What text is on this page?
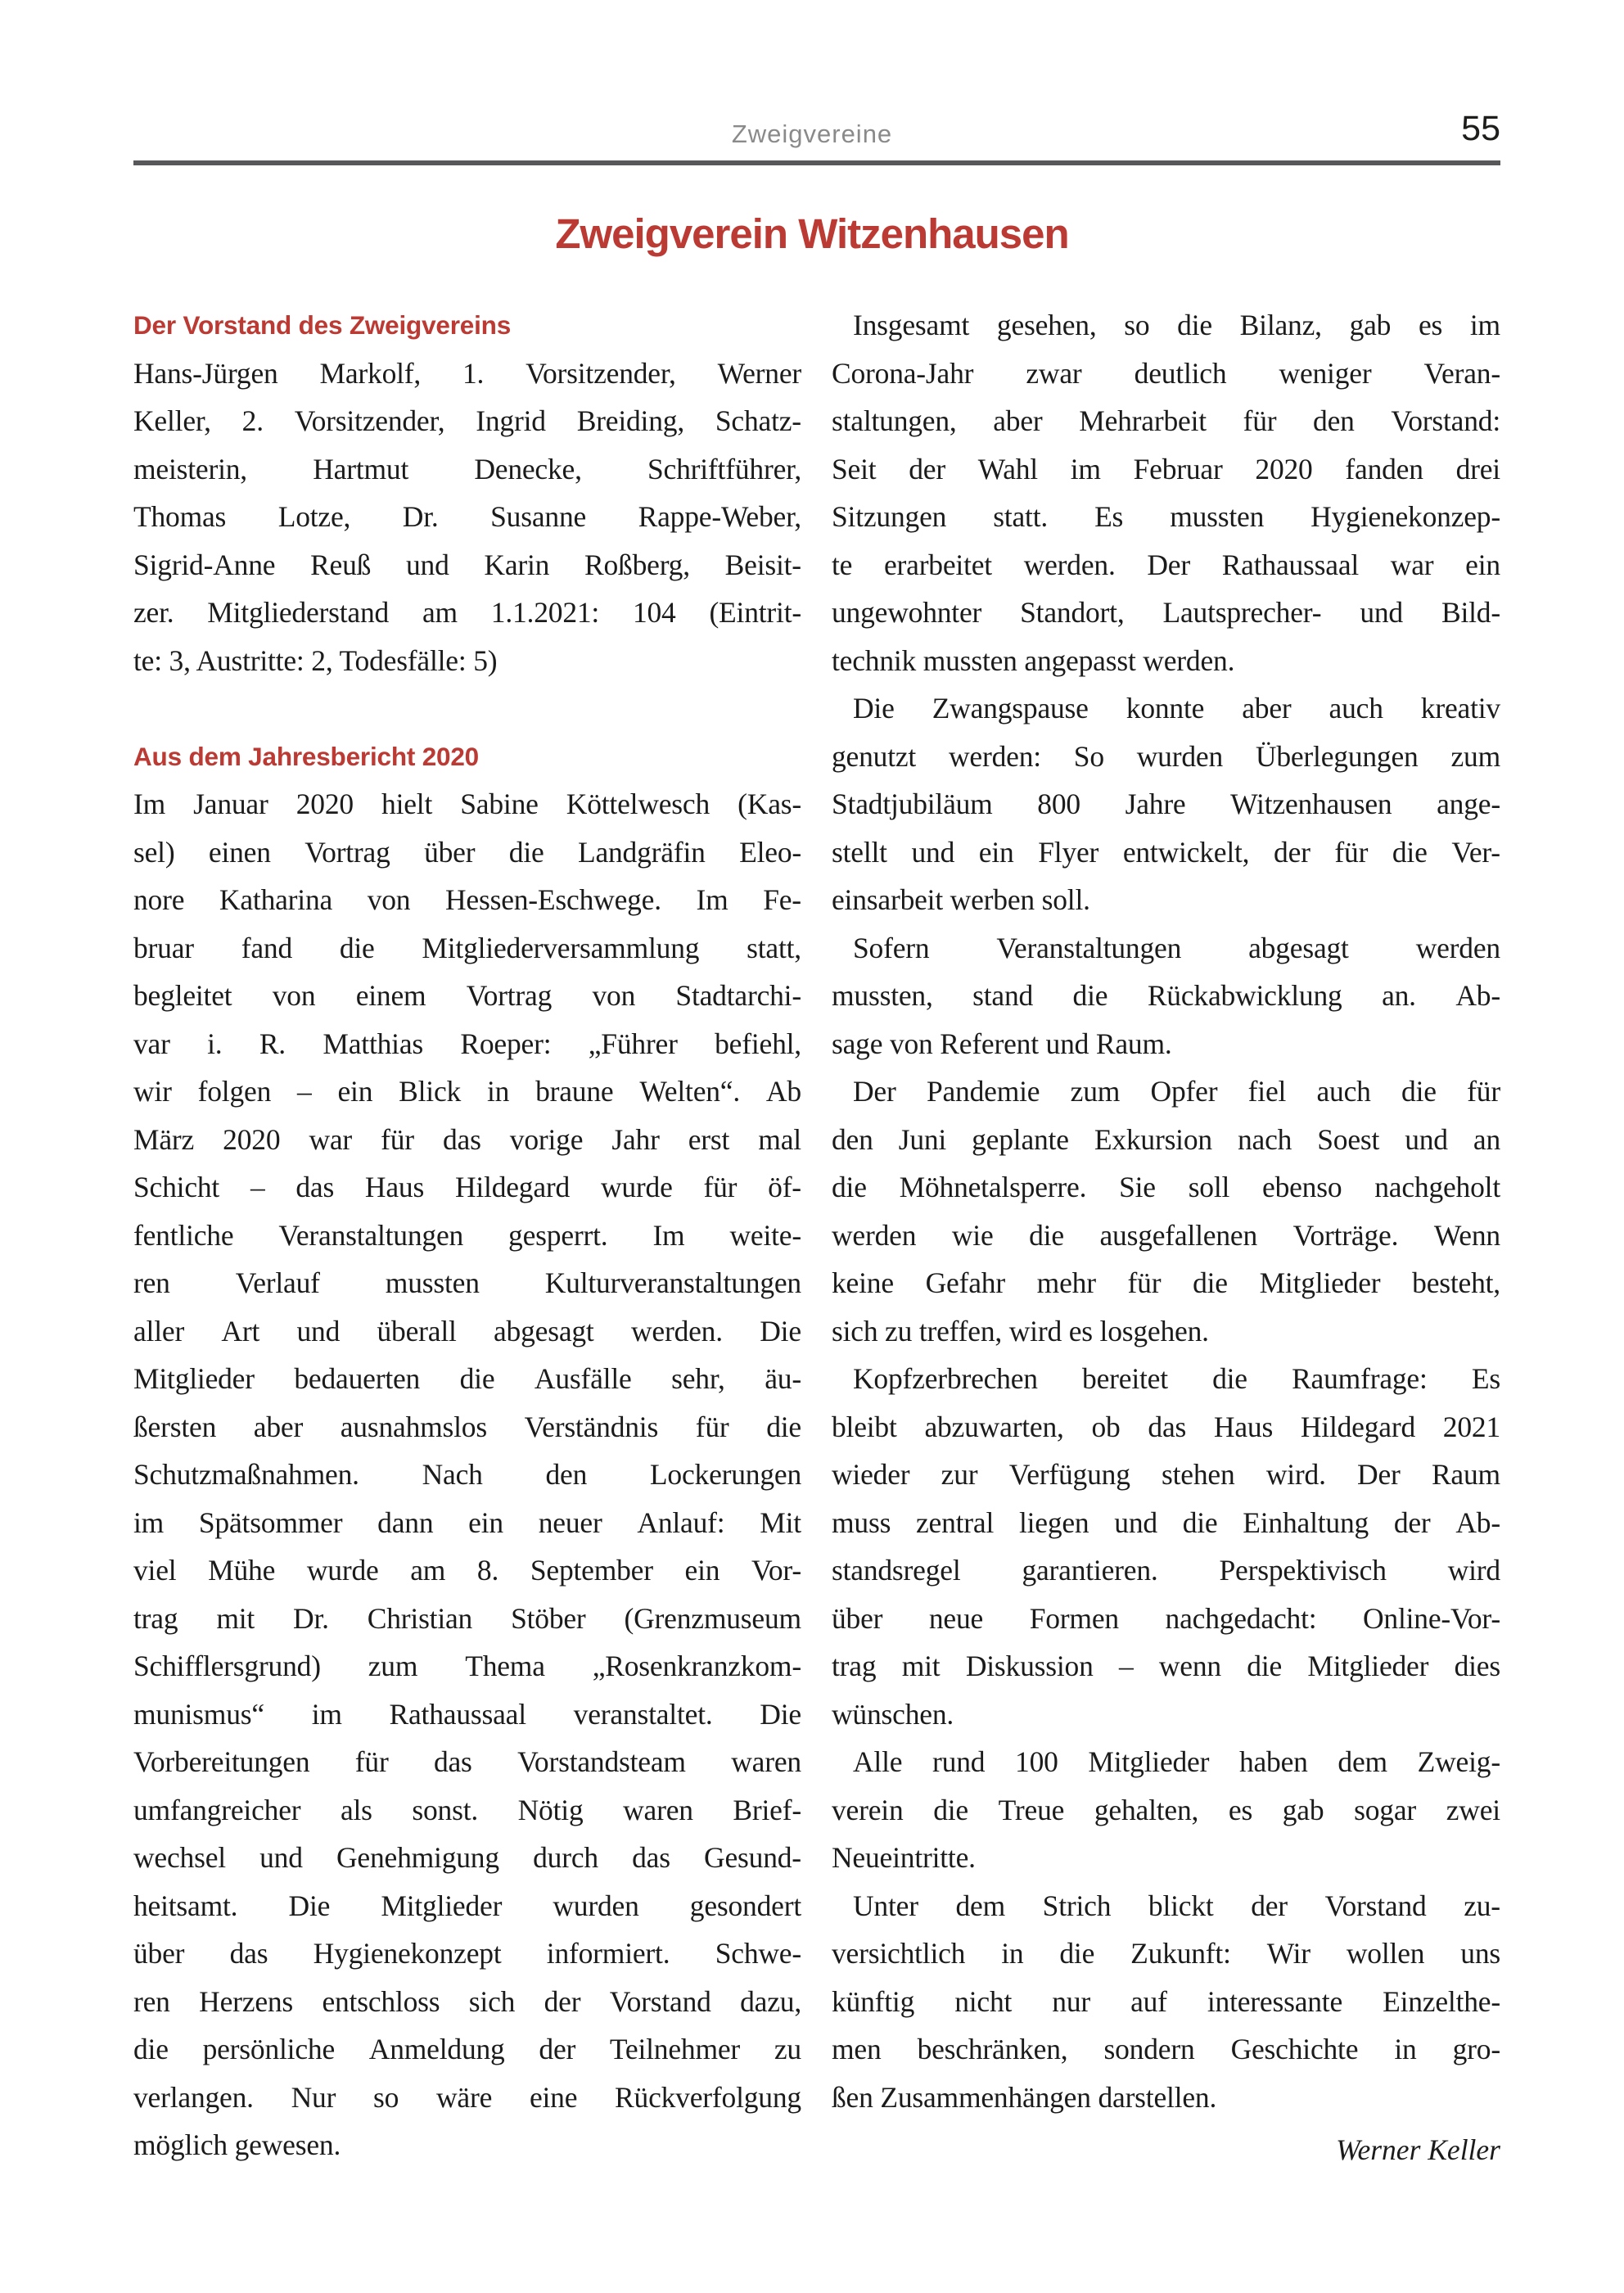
Zweigvereine	55
Zweigverein Witzenhausen
Der Vorstand des Zweigvereins
Hans-Jürgen Markolf, 1. Vorsitzender, Werner
Keller, 2. Vorsitzender, Ingrid Breiding, Schatz-
meisterin, Hartmut Denecke, Schriftführer,
Thomas Lotze, Dr. Susanne Rappe-Weber,
Sigrid-Anne Reuß und Karin Roßberg, Beisit-
zer. Mitgliederstand am 1.1.2021: 104 (Eintrit-
te: 3, Austritte: 2, Todesfälle: 5)
Aus dem Jahresbericht 2020
Im Januar 2020 hielt Sabine Köttelwesch (Kas-
sel) einen Vortrag über die Landgräfin Eleo-
nore Katharina von Hessen-Eschwege. Im Fe-
bruar fand die Mitgliederversammlung statt,
begleitet von einem Vortrag von Stadtarchi-
var i. R. Matthias Roeper: „Führer befiehl,
wir folgen – ein Blick in braune Welten“. Ab
März 2020 war für das vorige Jahr erst mal
Schicht – das Haus Hildegard wurde für öf-
fentliche Veranstaltungen gesperrt. Im weite-
ren Verlauf mussten Kulturveranstaltungen
aller Art und überall abgesagt werden. Die
Mitglieder bedauerten die Ausfälle sehr, äu-
ßersten aber ausnahmslos Verständnis für die
Schutzmaßnahmen. Nach den Lockerungen
im Spätsommer dann ein neuer Anlauf: Mit
viel Mühe wurde am 8. September ein Vor-
trag mit Dr. Christian Stöber (Grenzmuseum
Schifflersgrund) zum Thema „Rosenkranzkom-
munismus“ im Rathaussaal veranstaltet. Die
Vorbereitungen für das Vorstandsteam waren
umfangreicher als sonst. Nötig waren Brief-
wechsel und Genehmigung durch das Gesund-
heitsamt. Die Mitglieder wurden gesondert
über das Hygienekonzept informiert. Schwe-
ren Herzens entschloss sich der Vorstand dazu,
die persönliche Anmeldung der Teilnehmer zu
verlangen. Nur so wäre eine Rückverfolgung
möglich gewesen.
Insgesamt gesehen, so die Bilanz, gab es im
Corona-Jahr zwar deutlich weniger Veran-
staltungen, aber Mehrarbeit für den Vorstand:
Seit der Wahl im Februar 2020 fanden drei
Sitzungen statt. Es mussten Hygienekonzep-
te erarbeitet werden. Der Rathaussaal war ein
ungewohnter Standort, Lautsprecher- und Bild-
technik mussten angepasst werden.
Die Zwangspause konnte aber auch kreativ
genutzt werden: So wurden Überlegungen zum
Stadtjubiläum 800 Jahre Witzenhausen ange-
stellt und ein Flyer entwickelt, der für die Ver-
einsarbeit werben soll.
Sofern Veranstaltungen abgesagt werden
mussten, stand die Rückabwicklung an. Ab-
sage von Referent und Raum.
Der Pandemie zum Opfer fiel auch die für
den Juni geplante Exkursion nach Soest und an
die Möhnetalsperre. Sie soll ebenso nachgeholt
werden wie die ausgefallenen Vorträge. Wenn
keine Gefahr mehr für die Mitglieder besteht,
sich zu treffen, wird es losgehen.
Kopfzerbrechen bereitet die Raumfrage: Es
bleibt abzuwarten, ob das Haus Hildegard 2021
wieder zur Verfügung stehen wird. Der Raum
muss zentral liegen und die Einhaltung der Ab-
standsregel garantieren. Perspektivisch wird
über neue Formen nachgedacht: Online-Vor-
trag mit Diskussion – wenn die Mitglieder dies
wünschen.
Alle rund 100 Mitglieder haben dem Zweig-
verein die Treue gehalten, es gab sogar zwei
Neueintritte.
Unter dem Strich blickt der Vorstand zu-
versichtlich in die Zukunft: Wir wollen uns
künftig nicht nur auf interessante Einzelthe-
men beschränken, sondern Geschichte in gro-
ßen Zusammenhängen darstellen.
Werner Keller
